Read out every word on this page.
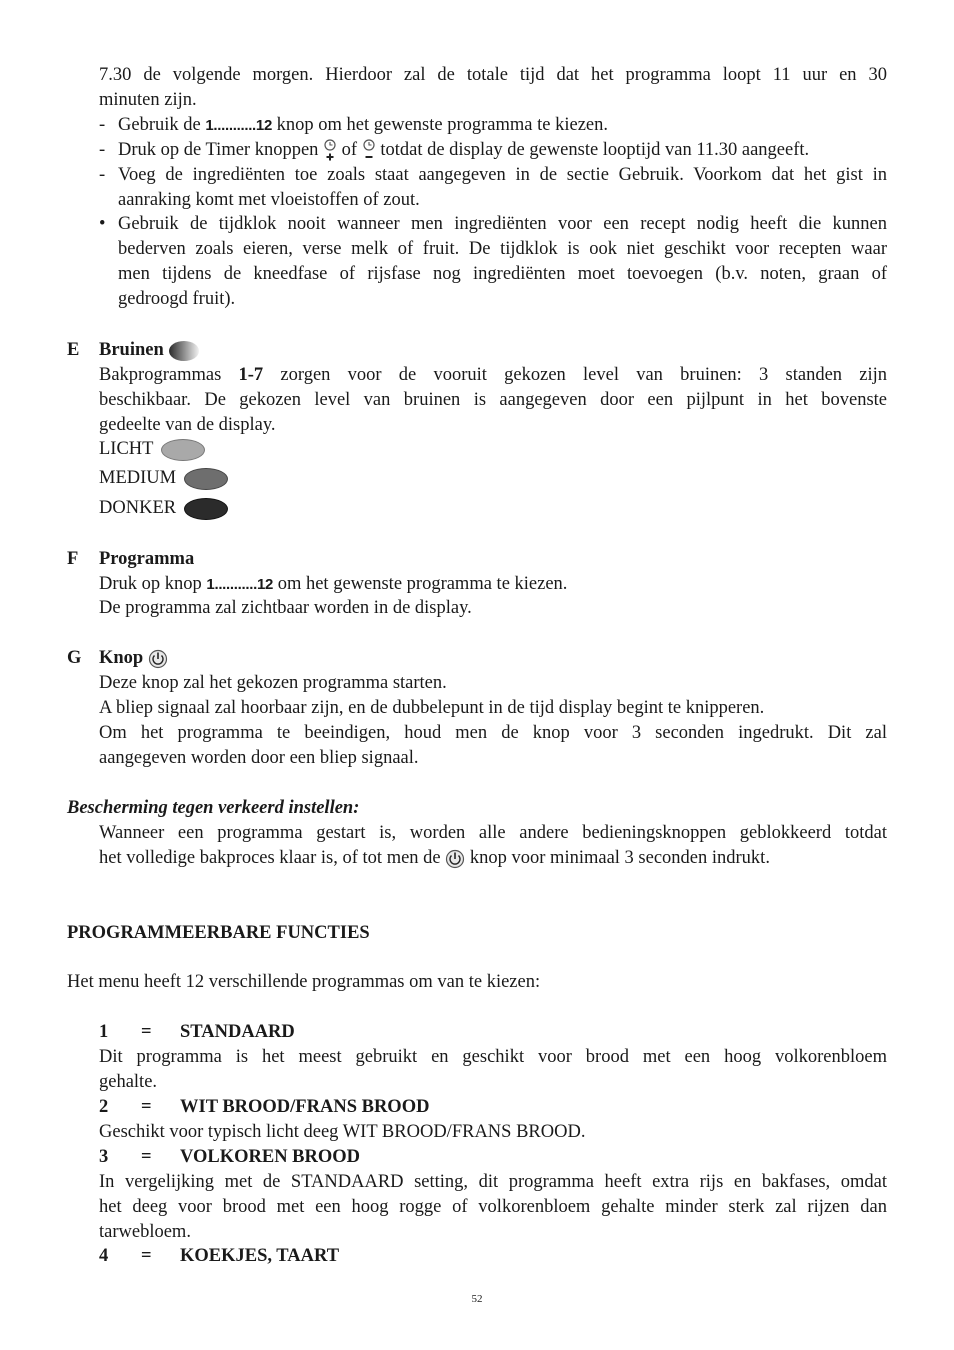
7.30 de volgende morgen. Hierdoor zal de totale tijd dat het programma loopt 11 uur en 30
minuten zijn.
- Gebruik de 1...........12 knop om het gewenste programma te kiezen.
- Druk op de Timer knoppen of totdat de display de gewenste looptijd van 11.30 aangeeft.
- Voeg de ingrediënten toe zoals staat aangegeven in de sectie Gebruik. Voorkom dat het gist in
aanraking komt met vloeistoffen of zout.
• Gebruik de tijdklok nooit wanneer men ingrediënten voor een recept nodig heeft die kunnen
bederven zoals eieren, verse melk of fruit. De tijdklok is ook niet geschikt voor recepten waar
men tijdens de kneedfase of rijsfase nog ingrediënten moet toevoegen (b.v. noten, graan of
gedroogd fruit).
E Bruinen
Bakprogrammas 1-7 zorgen voor de vooruit gekozen level van bruinen: 3 standen zijn
beschikbaar. De gekozen level van bruinen is aangegeven door een pijlpunt in het bovenste
gedeelte van de display.
LICHT
MEDIUM
DONKER
F Programma
Druk op knop 1...........12 om het gewenste programma te kiezen.
De programma zal zichtbaar worden in de display.
G Knop
Deze knop zal het gekozen programma starten.
A bliep signaal zal hoorbaar zijn, en de dubbelepunt in de tijd display begint te knipperen.
Om het programma te beeindigen, houd men de knop voor 3 seconden ingedrukt. Dit zal
aangegeven worden door een bliep signaal.
Bescherming tegen verkeerd instellen:
Wanneer een programma gestart is, worden alle andere bedieningsknoppen geblokkeerd totdat
het volledige bakproces klaar is, of tot men de knop voor minimaal 3 seconden indrukt.
PROGRAMMEERBARE FUNCTIES
Het menu heeft 12 verschillende programmas om van te kiezen:
1 = STANDAARD
Dit programma is het meest gebruikt en geschikt voor brood met een hoog volkorenbloem
gehalte.
2 = WIT BROOD/FRANS BROOD
Geschikt voor typisch licht deeg WIT BROOD/FRANS BROOD.
3 = VOLKOREN BROOD
In vergelijking met de STANDAARD setting, dit programma heeft extra rijs en bakfases, omdat
het deeg voor brood met een hoog rogge of volkorenbloem gehalte minder sterk zal rijzen dan
tarwebloem.
4 = KOEKJES, TAART
52
